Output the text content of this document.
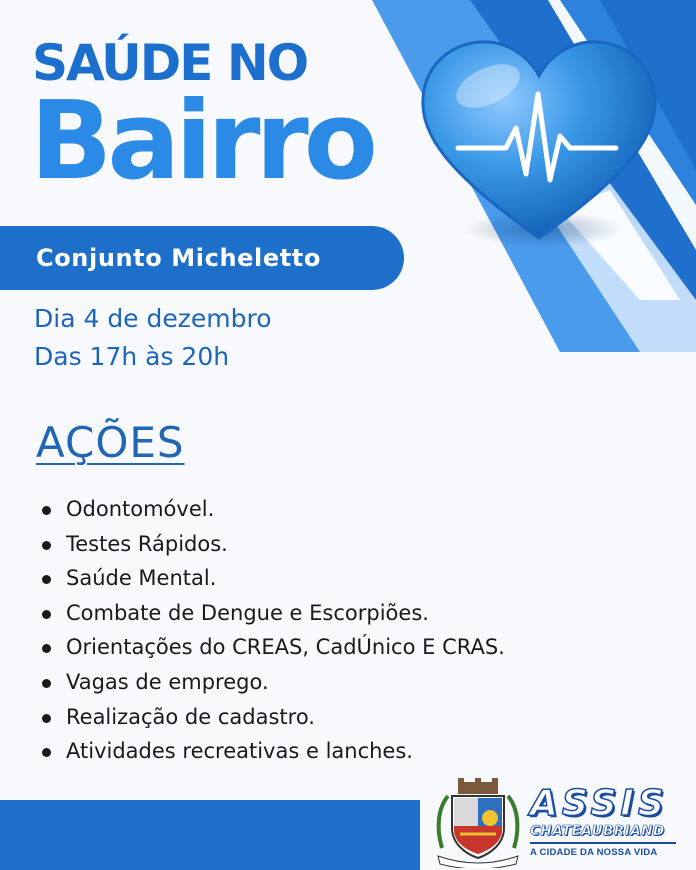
SAÚDE NO
Bairro
Conjunto Micheletto

Dia 4 de dezembro

Das 17h às 20h

AÇÕES
Odontomóvel.
Testes Rápidos.
Saúde Mental.
Combate de Dengue e Escorpiões.
Orientações do CREAS, CadÚnico E CRAS.
Vagas de emprego.
Realização de cadastro.
Atividades recreativas e lanches.
ASSIS
CHATEAUBRIAND
A CIDADE DA NOSSA VIDA
